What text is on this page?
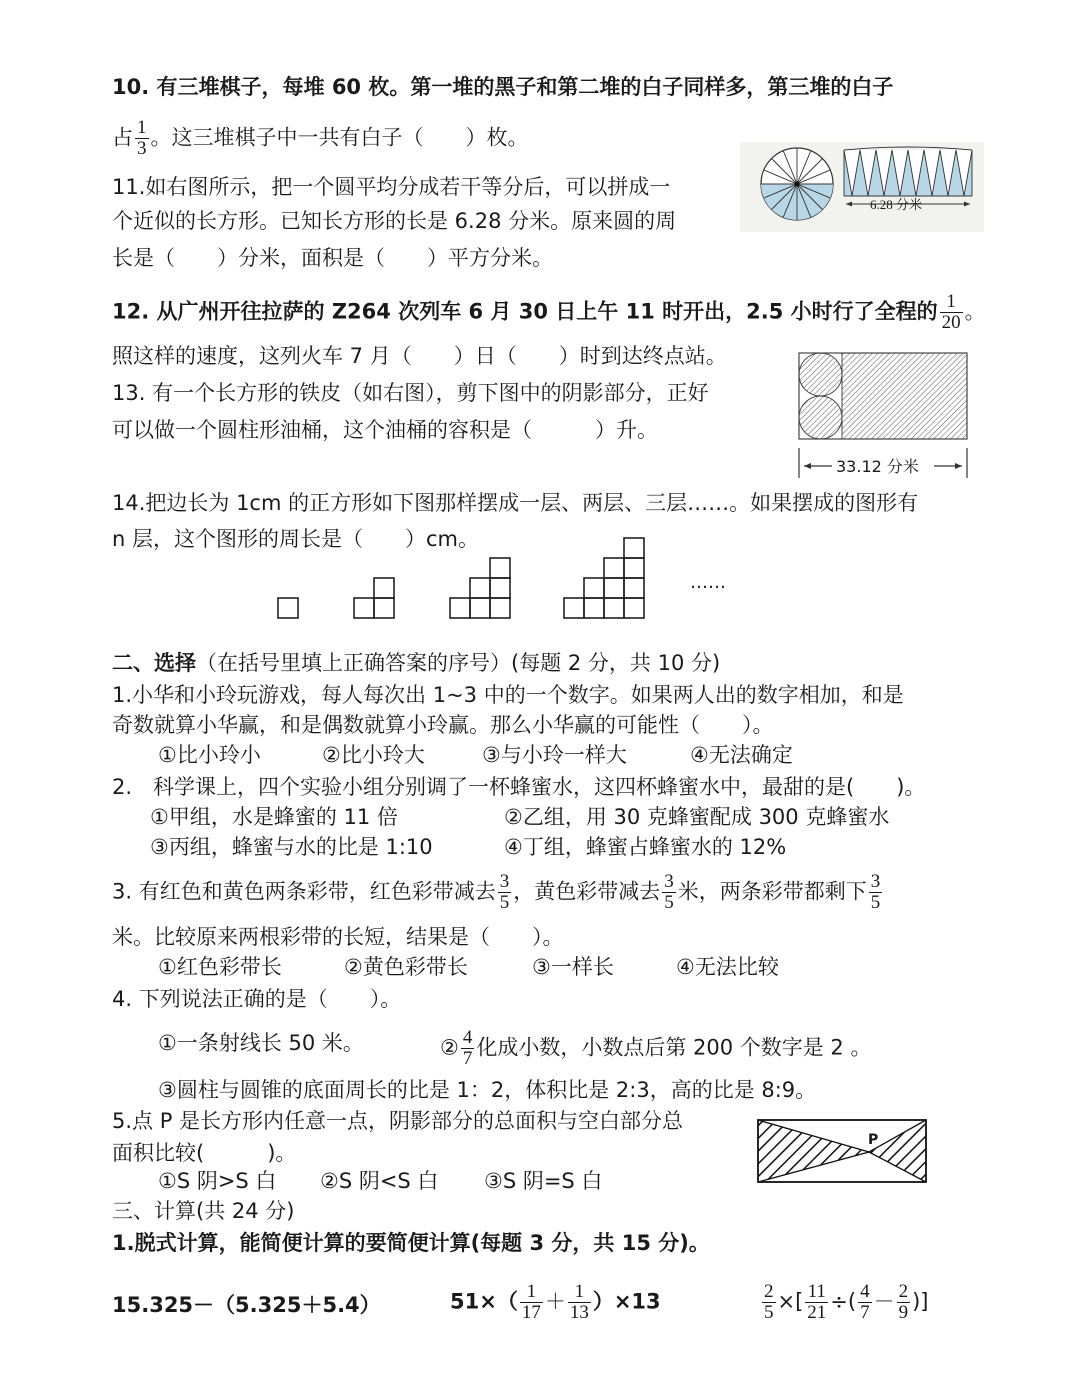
10. 有三堆棋子，每堆 60 枚。第一堆的黑子和第二堆的白子同样多，第三堆的白子
占 $\frac{1}{3}$ 。这三堆棋子中一共有白子（　　）枚。
11.如右图所示，把一个圆平均分成若干等分后，可以拼成一
个近似的长方形。已知长方形的长是 6.28 分米。原来圆的周
长是（　　）分米，面积是（　　）平方分米。
6.28 分米
12. 从广州开往拉萨的 Z264 次列车 6 月 30 日上午 11 时开出，2.5 小时行了全程的 $\frac{1}{20}$ 。
照这样的速度，这列火车 7 月（　　）日（　　）时到达终点站。
13. 有一个长方形的铁皮（如右图），剪下图中的阴影部分，正好
可以做一个圆柱形油桶，这个油桶的容积是（　　　）升。
33.12 分米
14.把边长为 1cm 的正方形如下图那样摆成一层、两层、三层……。如果摆成的图形有
n 层，这个图形的周长是（　　）cm。
……
二、选择（在括号里填上正确答案的序号）(每题 2 分，共 10 分)
1.小华和小玲玩游戏，每人每次出 1~3 中的一个数字。如果两人出的数字相加，和是
奇数就算小华赢，和是偶数就算小玲赢。那么小华赢的可能性（　　）。
①比小玲小	②比小玲大	③与小玲一样大	④无法确定
2.　科学课上，四个实验小组分别调了一杯蜂蜜水，这四杯蜂蜜水中，最甜的是(　　)。
①甲组，水是蜂蜜的 11 倍	②乙组，用 30 克蜂蜜配成 300 克蜂蜜水
③丙组，蜂蜜与水的比是 1:10	④丁组，蜂蜜占蜂蜜水的 12%
3. 有红色和黄色两条彩带，红色彩带减去 $\frac{3}{5}$ ，黄色彩带减去 $\frac{3}{5}$ 米，两条彩带都剩下 $\frac{3}{5}$
米。比较原来两根彩带的长短，结果是（　　）。
①红色彩带长	②黄色彩带长	③一样长	④无法比较
4. 下列说法正确的是（　　）。
①一条射线长 50 米。	② $\frac{4}{7}$ 化成小数，小数点后第 200 个数字是 2 。
③圆柱与圆锥的底面周长的比是 1：2，体积比是 2:3，高的比是 8:9。
5.点 P 是长方形内任意一点，阴影部分的总面积与空白部分总
面积比较(　　　)。
①S 阴>S 白 ②S 阴<S 白 ③S 阴=S 白
P
三、计算(共 24 分)
1.脱式计算，能简便计算的要简便计算(每题 3 分，共 15 分)。
15.325－（5.325＋5.4）	$51\times( \frac{1}{17} + \frac{1}{13} )\times 13$	$\frac{2}{5}$ ×[ $\frac{11}{21}$ ÷( $\frac{4}{7} - \frac{2}{9}$ )]
